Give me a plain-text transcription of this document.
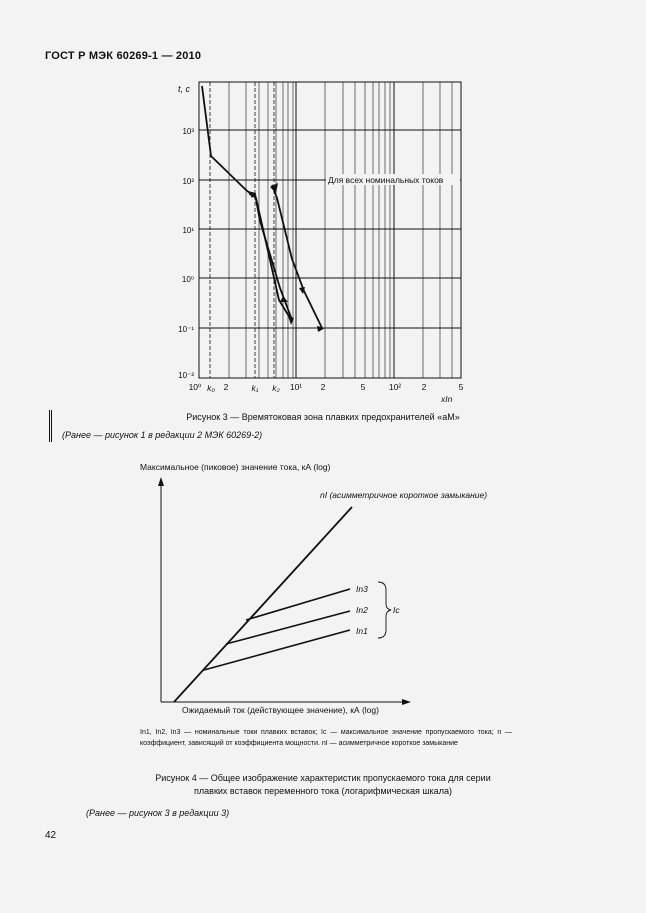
ГОСТ Р МЭК 60269-1 — 2010
t, c
Для всех номинальных токов
10³
10²
10¹
10⁰
10⁻¹
10⁻²
10⁰ k₀ 2	k₁ k₂ 10¹ 2	5	10² 2	5
xIn
Максимальное (пиковое) значение тока, кА (log)
nI (асимметричное короткое замыкание)
In3
In2
In1
Ic
Ожидаемый ток (действующее значение), кА (log)
Рисунок 3 — Времятоковая зона плавких предохранителей «aM»
(Ранее — рисунок 1 в редакции 2 МЭК 60269-2)
In1, In2, In3 — номинальные токи плавких вставок; Ic — максимальное значение пропускаемого тока; n — коэффициент, зависящий от коэффициента мощности. nI — асимметричное короткое замыкание
Рисунок 4 — Общее изображение характеристик пропускаемого тока для серии
плавких вставок переменного тока (логарифмическая шкала)
(Ранее — рисунок 3 в редакции 3)
42
